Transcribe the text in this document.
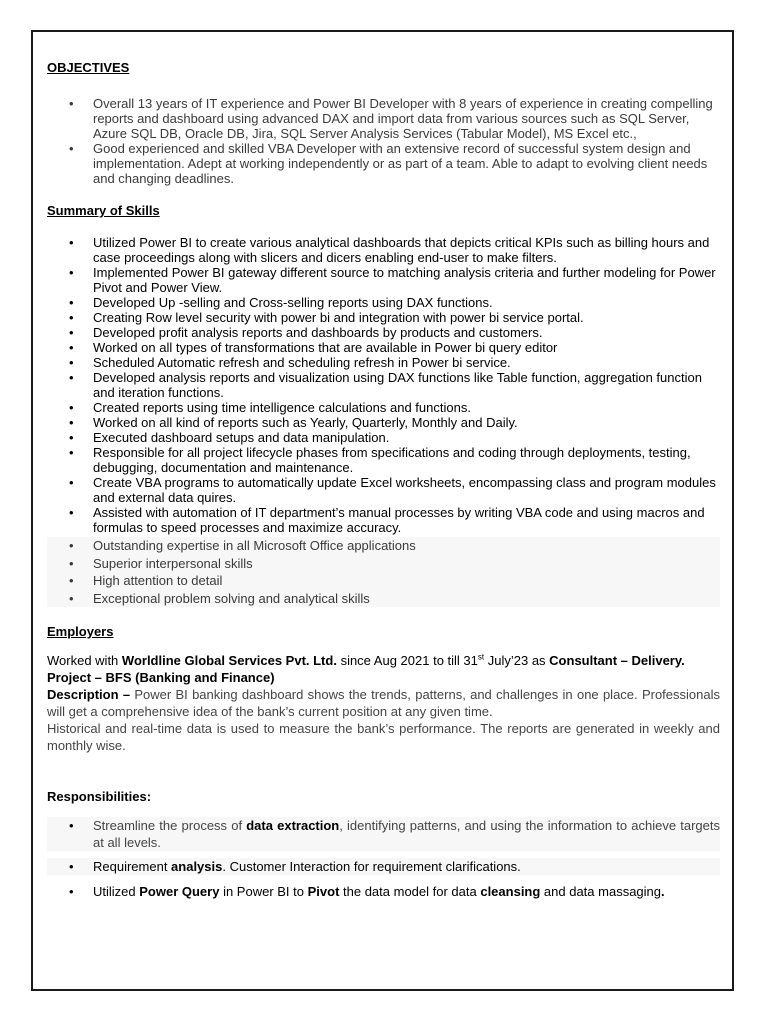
OBJECTIVES

• Overall 13 years of IT experience and Power BI Developer with 8 years of experience in creating compelling reports and dashboard using advanced DAX and import data from various sources such as SQL Server, Azure SQL DB, Oracle DB, Jira, SQL Server Analysis Services (Tabular Model), MS Excel etc.,
• Good experienced and skilled VBA Developer with an extensive record of successful system design and implementation. Adept at working independently or as part of a team. Able to adapt to evolving client needs and changing deadlines.

Summary of Skills

• Utilized Power BI to create various analytical dashboards that depicts critical KPIs such as billing hours and case proceedings along with slicers and dicers enabling end-user to make filters.
• Implemented Power BI gateway different source to matching analysis criteria and further modeling for Power Pivot and Power View.
• Developed Up -selling and Cross-selling reports using DAX functions.
• Creating Row level security with power bi and integration with power bi service portal.
• Developed profit analysis reports and dashboards by products and customers.
• Worked on all types of transformations that are available in Power bi query editor
• Scheduled Automatic refresh and scheduling refresh in Power bi service.
• Developed analysis reports and visualization using DAX functions like Table function, aggregation function and iteration functions.
• Created reports using time intelligence calculations and functions.
• Worked on all kind of reports such as Yearly, Quarterly, Monthly and Daily.
• Executed dashboard setups and data manipulation.
• Responsible for all project lifecycle phases from specifications and coding through deployments, testing, debugging, documentation and maintenance.
• Create VBA programs to automatically update Excel worksheets, encompassing class and program modules and external data quires.
• Assisted with automation of IT department’s manual processes by writing VBA code and using macros and formulas to speed processes and maximize accuracy.
• Outstanding expertise in all Microsoft Office applications
• Superior interpersonal skills
• High attention to detail
• Exceptional problem solving and analytical skills

Employers

Worked with Worldline Global Services Pvt. Ltd. since Aug 2021 to till 31st July’23 as Consultant – Delivery.

Project – BFS (Banking and Finance)

Description – Power BI banking dashboard shows the trends, patterns, and challenges in one place. Professionals will get a comprehensive idea of the bank’s current position at any given time.

Historical and real-time data is used to measure the bank’s performance. The reports are generated in weekly and monthly wise.

Responsibilities:

• Streamline the process of data extraction, identifying patterns, and using the information to achieve targets at all levels.
• Requirement analysis. Customer Interaction for requirement clarifications.
• Utilized Power Query in Power BI to Pivot the data model for data cleansing and data massaging.
